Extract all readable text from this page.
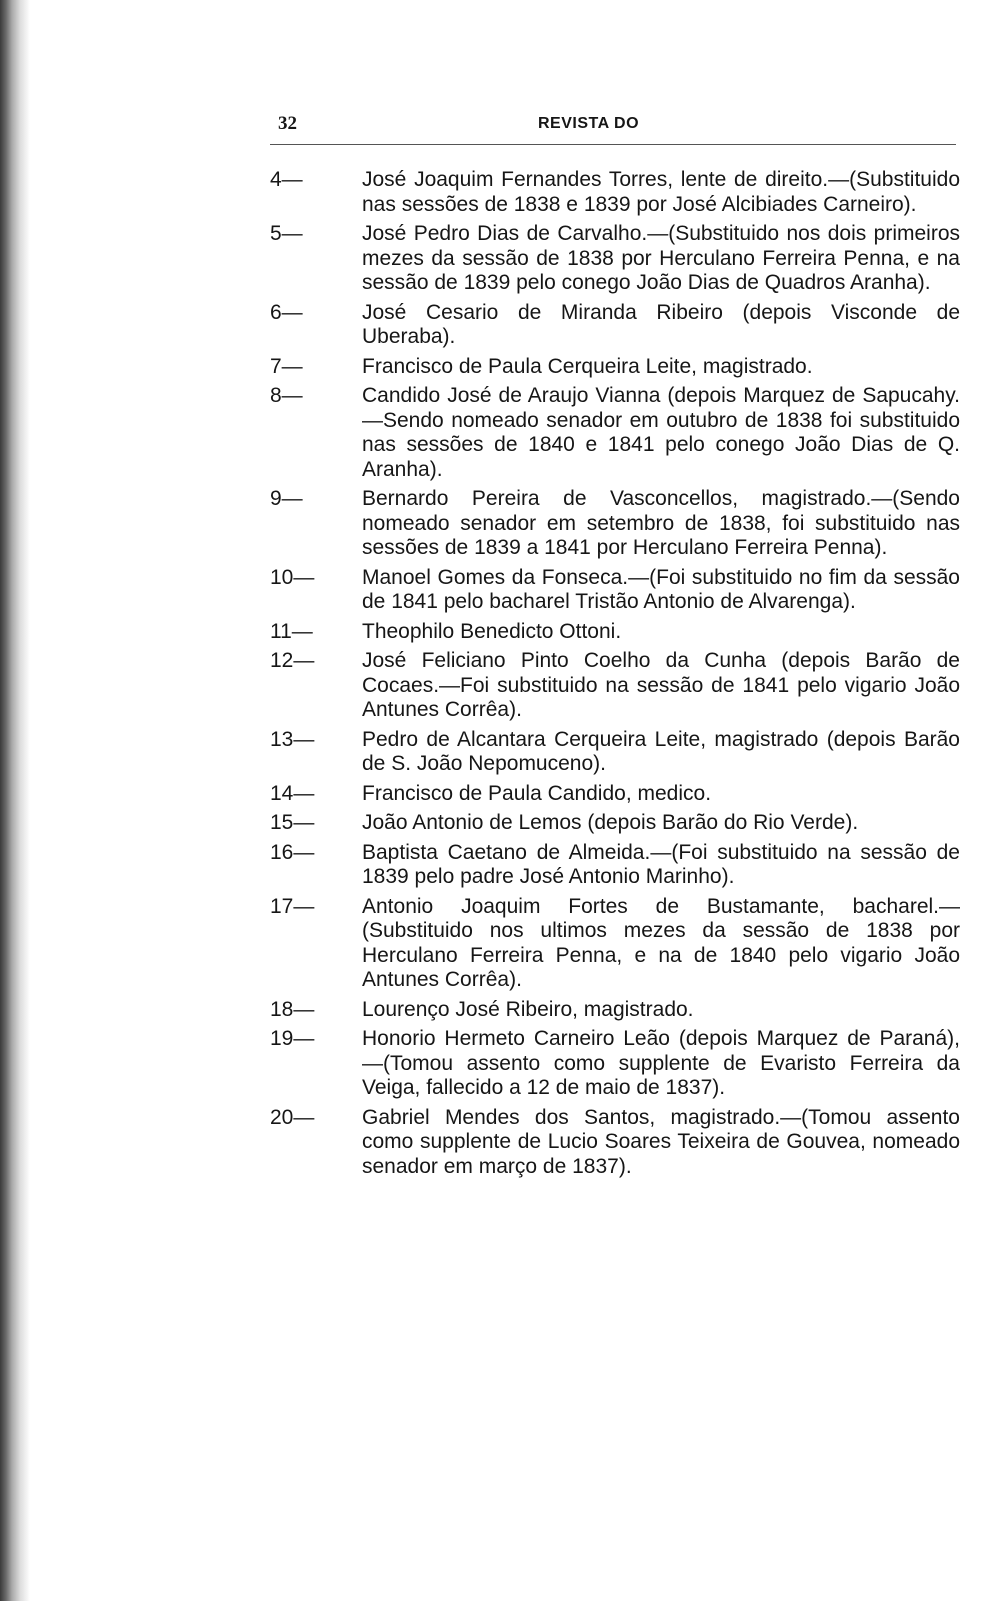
32	REVISTA DO
4—	José Joaquim Fernandes Torres, lente de direito.—(Substituido nas sessões de 1838 e 1839 por José Alcibiades Carneiro).
5—	José Pedro Dias de Carvalho.—(Substituido nos dois primeiros mezes da sessão de 1838 por Herculano Ferreira Penna, e na sessão de 1839 pelo conego João Dias de Quadros Aranha).
6—	José Cesario de Miranda Ribeiro (depois Visconde de Uberaba).
7—	Francisco de Paula Cerqueira Leite, magistrado.
8—	Candido José de Araujo Vianna (depois Marquez de Sapucahy.—Sendo nomeado senador em outubro de 1838 foi substituido nas sessões de 1840 e 1841 pelo conego João Dias de Q. Aranha).
9—	Bernardo Pereira de Vasconcellos, magistrado.—(Sendo nomeado senador em setembro de 1838, foi substituido nas sessões de 1839 a 1841 por Herculano Ferreira Penna).
10—	Manoel Gomes da Fonseca.—(Foi substituido no fim da sessão de 1841 pelo bacharel Tristão Antonio de Alvarenga).
11—	Theophilo Benedicto Ottoni.
12—	José Feliciano Pinto Coelho da Cunha (depois Barão de Cocaes.—Foi substituido na sessão de 1841 pelo vigario João Antunes Corrêa).
13—	Pedro de Alcantara Cerqueira Leite, magistrado (depois Barão de S. João Nepomuceno).
14—	Francisco de Paula Candido, medico.
15—	João Antonio de Lemos (depois Barão do Rio Verde).
16—	Baptista Caetano de Almeida.—(Foi substituido na sessão de 1839 pelo padre José Antonio Marinho).
17—	Antonio Joaquim Fortes de Bustamante, bacharel.—(Substituido nos ultimos mezes da sessão de 1838 por Herculano Ferreira Penna, e na de 1840 pelo vigario João Antunes Corrêa).
18—	Lourenço José Ribeiro, magistrado.
19—	Honorio Hermeto Carneiro Leão (depois Marquez de Paraná), —(Tomou assento como supplente de Evaristo Ferreira da Veiga, fallecido a 12 de maio de 1837).
20—	Gabriel Mendes dos Santos, magistrado.—(Tomou assento como supplente de Lucio Soares Teixeira de Gouvea, nomeado senador em março de 1837).
